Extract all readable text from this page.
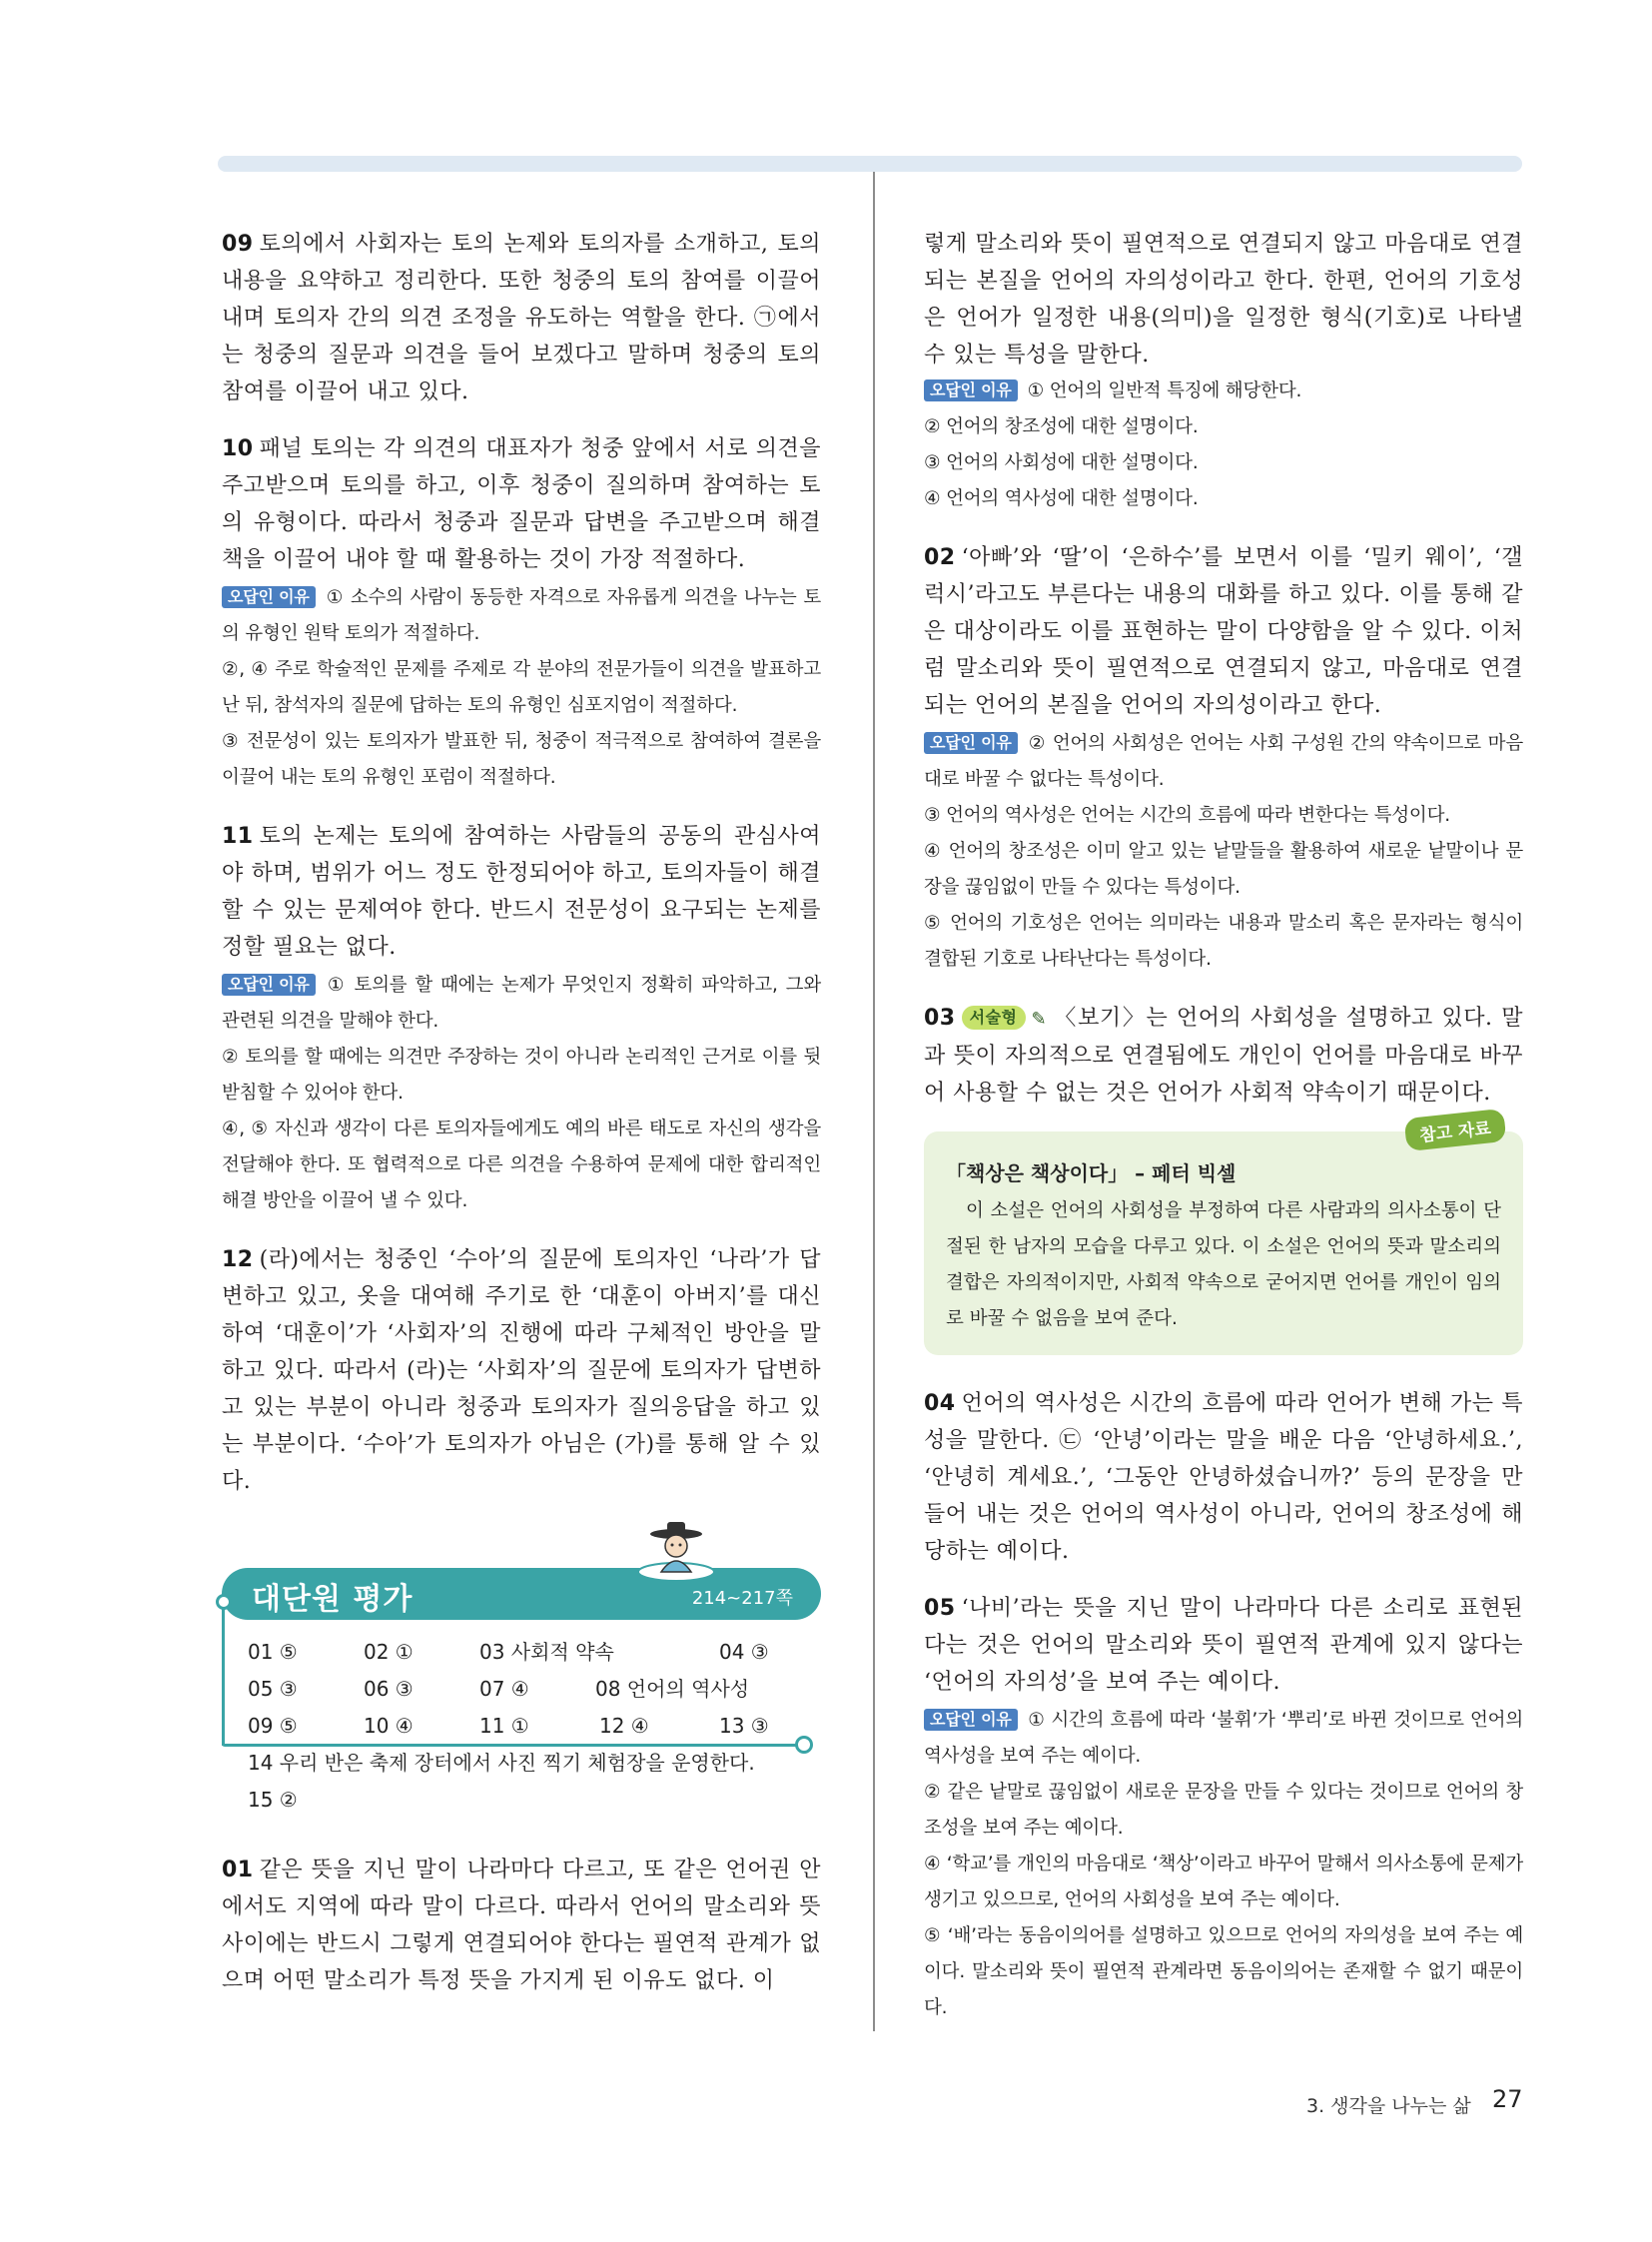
09 토의에서 사회자는 토의 논제와 토의자를 소개하고, 토의 내용을 요약하고 정리한다. 또한 청중의 토의 참여를 이끌어 내며 토의자 간의 의견 조정을 유도하는 역할을 한다. ㉠에서는 청중의 질문과 의견을 들어 보겠다고 말하며 청중의 토의 참여를 이끌어 내고 있다.

10 패널 토의는 각 의견의 대표자가 청중 앞에서 서로 의견을 주고받으며 토의를 하고, 이후 청중이 질의하며 참여하는 토의 유형이다. 따라서 청중과 질문과 답변을 주고받으며 해결책을 이끌어 내야 할 때 활용하는 것이 가장 적절하다.

오답인 이유 ① 소수의 사람이 동등한 자격으로 자유롭게 의견을 나누는 토의 유형인 원탁 토의가 적절하다.

②, ④ 주로 학술적인 문제를 주제로 각 분야의 전문가들이 의견을 발표하고 난 뒤, 참석자의 질문에 답하는 토의 유형인 심포지엄이 적절하다.

③ 전문성이 있는 토의자가 발표한 뒤, 청중이 적극적으로 참여하여 결론을 이끌어 내는 토의 유형인 포럼이 적절하다.

11 토의 논제는 토의에 참여하는 사람들의 공동의 관심사여야 하며, 범위가 어느 정도 한정되어야 하고, 토의자들이 해결할 수 있는 문제여야 한다. 반드시 전문성이 요구되는 논제를 정할 필요는 없다.

오답인 이유 ① 토의를 할 때에는 논제가 무엇인지 정확히 파악하고, 그와 관련된 의견을 말해야 한다.

② 토의를 할 때에는 의견만 주장하는 것이 아니라 논리적인 근거로 이를 뒷받침할 수 있어야 한다.

④, ⑤ 자신과 생각이 다른 토의자들에게도 예의 바른 태도로 자신의 생각을 전달해야 한다. 또 협력적으로 다른 의견을 수용하여 문제에 대한 합리적인 해결 방안을 이끌어 낼 수 있다.

12 (라)에서는 청중인 ‘수아’의 질문에 토의자인 ‘나라’가 답변하고 있고, 옷을 대여해 주기로 한 ‘대훈이 아버지’를 대신하여 ‘대훈이’가 ‘사회자’의 진행에 따라 구체적인 방안을 말하고 있다. 따라서 (라)는 ‘사회자’의 질문에 토의자가 답변하고 있는 부분이 아니라 청중과 토의자가 질의응답을 하고 있는 부분이다. ‘수아’가 토의자가 아님은 (가)를 통해 알 수 있다.

대단원 평가	214~217쪽
01 ⑤	02 ①	03 사회적 약속	04 ③
05 ③	06 ③	07 ④	08 언어의 역사성
09 ⑤	10 ④	11 ①	12 ④	13 ③
14 우리 반은 축제 장터에서 사진 찍기 체험장을 운영한다.
15 ②

01 같은 뜻을 지닌 말이 나라마다 다르고, 또 같은 언어권 안에서도 지역에 따라 말이 다르다. 따라서 언어의 말소리와 뜻 사이에는 반드시 그렇게 연결되어야 한다는 필연적 관계가 없으며 어떤 말소리가 특정 뜻을 가지게 된 이유도 없다. 이

렇게 말소리와 뜻이 필연적으로 연결되지 않고 마음대로 연결되는 본질을 언어의 자의성이라고 한다. 한편, 언어의 기호성은 언어가 일정한 내용(의미)을 일정한 형식(기호)로 나타낼 수 있는 특성을 말한다.

오답인 이유 ① 언어의 일반적 특징에 해당한다.

② 언어의 창조성에 대한 설명이다.

③ 언어의 사회성에 대한 설명이다.

④ 언어의 역사성에 대한 설명이다.

02 ‘아빠’와 ‘딸’이 ‘은하수’를 보면서 이를 ‘밀키 웨이’, ‘갤럭시’라고도 부른다는 내용의 대화를 하고 있다. 이를 통해 같은 대상이라도 이를 표현하는 말이 다양함을 알 수 있다. 이처럼 말소리와 뜻이 필연적으로 연결되지 않고, 마음대로 연결되는 언어의 본질을 언어의 자의성이라고 한다.

오답인 이유 ② 언어의 사회성은 언어는 사회 구성원 간의 약속이므로 마음대로 바꿀 수 없다는 특성이다.

③ 언어의 역사성은 언어는 시간의 흐름에 따라 변한다는 특성이다.

④ 언어의 창조성은 이미 알고 있는 낱말들을 활용하여 새로운 낱말이나 문장을 끊임없이 만들 수 있다는 특성이다.

⑤ 언어의 기호성은 언어는 의미라는 내용과 말소리 혹은 문자라는 형식이 결합된 기호로 나타난다는 특성이다.

03 서술형 ✎ 〈보기〉는 언어의 사회성을 설명하고 있다. 말과 뜻이 자의적으로 연결됨에도 개인이 언어를 마음대로 바꾸어 사용할 수 없는 것은 언어가 사회적 약속이기 때문이다.

참고 자료

「책상은 책상이다」 – 페터 빅셀

이 소설은 언어의 사회성을 부정하여 다른 사람과의 의사소통이 단절된 한 남자의 모습을 다루고 있다. 이 소설은 언어의 뜻과 말소리의 결합은 자의적이지만, 사회적 약속으로 굳어지면 언어를 개인이 임의로 바꿀 수 없음을 보여 준다.

04 언어의 역사성은 시간의 흐름에 따라 언어가 변해 가는 특성을 말한다. ㉢ ‘안녕’이라는 말을 배운 다음 ‘안녕하세요.’, ‘안녕히 계세요.’, ‘그동안 안녕하셨습니까?’ 등의 문장을 만들어 내는 것은 언어의 역사성이 아니라, 언어의 창조성에 해당하는 예이다.

05 ‘나비’라는 뜻을 지닌 말이 나라마다 다른 소리로 표현된다는 것은 언어의 말소리와 뜻이 필연적 관계에 있지 않다는 ‘언어의 자의성’을 보여 주는 예이다.

오답인 이유 ① 시간의 흐름에 따라 ‘불휘’가 ‘뿌리’로 바뀐 것이므로 언어의 역사성을 보여 주는 예이다.

② 같은 낱말로 끊임없이 새로운 문장을 만들 수 있다는 것이므로 언어의 창조성을 보여 주는 예이다.

④ ‘학교’를 개인의 마음대로 ‘책상’이라고 바꾸어 말해서 의사소통에 문제가 생기고 있으므로, 언어의 사회성을 보여 주는 예이다.

⑤ ‘배’라는 동음이의어를 설명하고 있으므로 언어의 자의성을 보여 주는 예이다. 말소리와 뜻이 필연적 관계라면 동음이의어는 존재할 수 없기 때문이다.

3. 생각을 나누는 삶 27
